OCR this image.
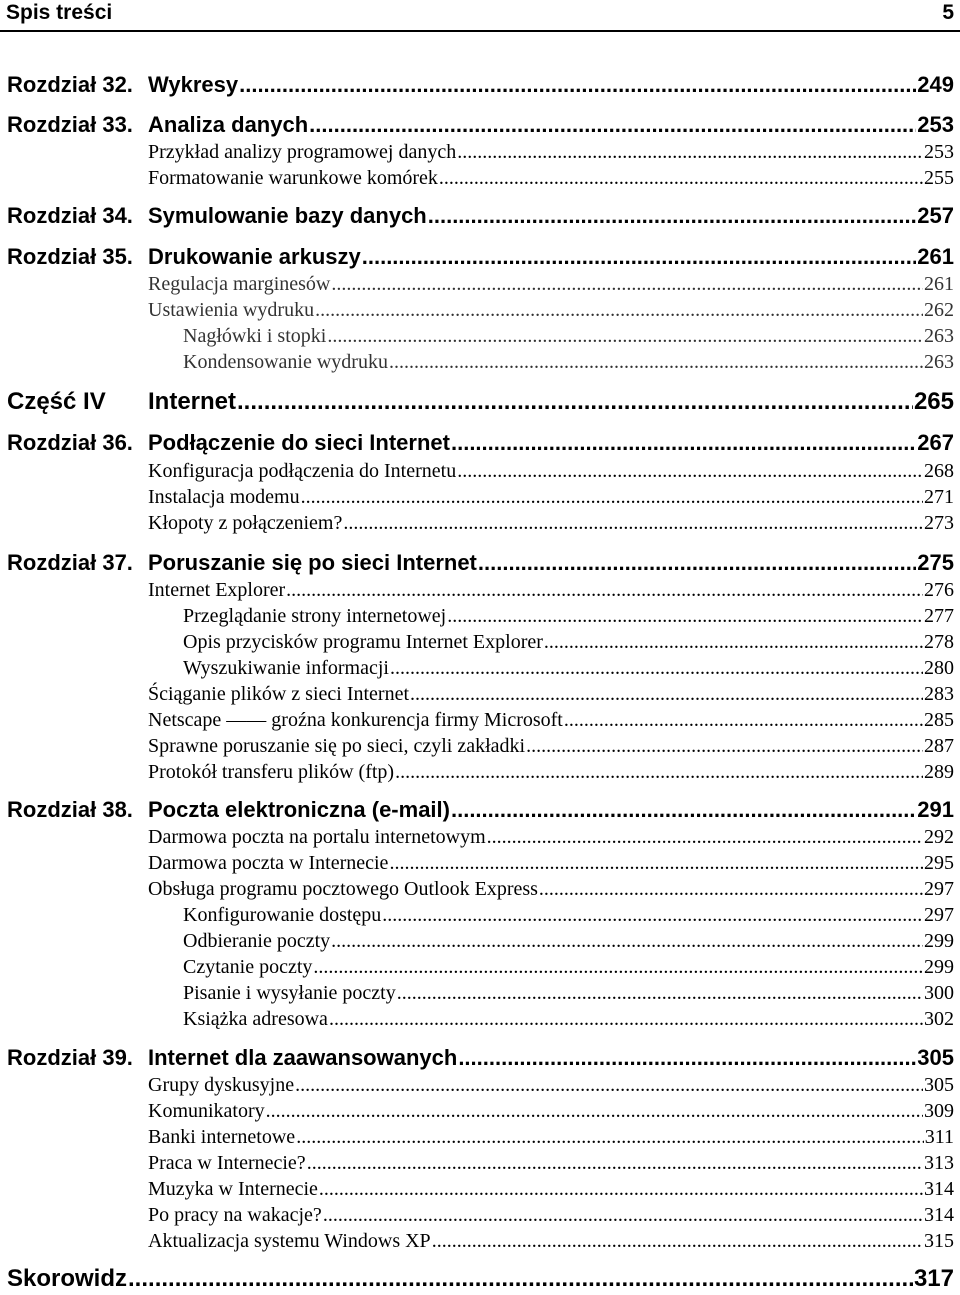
Spis treści	5
Rozdział 32. Wykresy .....	249
Rozdział 33. Analiza danych .....	253
Przykład analizy programowej danych .....	253
Formatowanie warunkowe komórek .....	255
Rozdział 34. Symulowanie bazy danych .....	257
Rozdział 35. Drukowanie arkuszy .....	261
Regulacja marginesów .....	261
Ustawienia wydruku .....	262
Nagłówki i stopki .....	263
Kondensowanie wydruku .....	263
Część IV	Internet .....	265
Rozdział 36. Podłączenie do sieci Internet .....	267
Konfiguracja podłączenia do Internetu .....	268
Instalacja modemu .....	271
Kłopoty z połączeniem? .....	273
Rozdział 37. Poruszanie się po sieci Internet .....	275
Internet Explorer .....	276
Przeglądanie strony internetowej .....	277
Opis przycisków programu Internet Explorer .....	278
Wyszukiwanie informacji .....	280
Ściąganie plików z sieci Internet .....	283
Netscape —— groźna konkurencja firmy Microsoft .....	285
Sprawne poruszanie się po sieci, czyli zakładki .....	287
Protokół transferu plików (ftp) .....	289
Rozdział 38. Poczta elektroniczna (e-mail) .....	291
Darmowa poczta na portalu internetowym .....	292
Darmowa poczta w Internecie .....	295
Obsługa programu pocztowego Outlook Express .....	297
Konfigurowanie dostępu .....	297
Odbieranie poczty .....	299
Czytanie poczty .....	299
Pisanie i wysyłanie poczty .....	300
Książka adresowa .....	302
Rozdział 39. Internet dla zaawansowanych .....	305
Grupy dyskusyjne .....	305
Komunikatory .....	309
Banki internetowe .....	311
Praca w Internecie? .....	313
Muzyka w Internecie .....	314
Po pracy na wakacje? .....	314
Aktualizacja systemu Windows XP .....	315
Skorowidz .....	317
